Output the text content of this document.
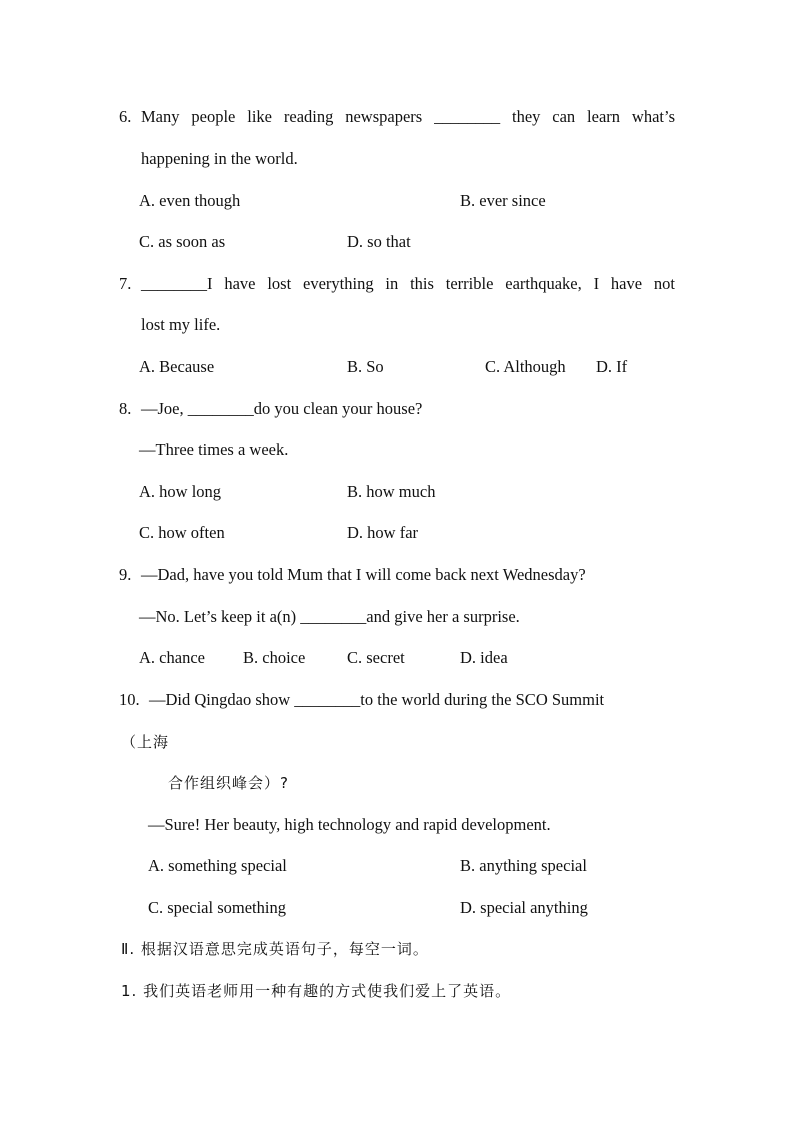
6. Many people like reading newspapers ________ they can learn what’s
happening in the world.
A. even though	B. ever since
C. as soon as	D. so that
7. ________I have lost everything in this terrible earthquake, I have not
lost my life.
A. Because	B. So	C. Although D. If
8. —Joe, ________do you clean your house?
—Three times a week.
A. how long	B. how much
C. how often	D. how far
9. —Dad, have you told Mum that I will come back next Wednesday?
—No. Let’s keep it a(n) ________and give her a surprise.
A. chance B. choice	C. secret	D. idea
10. —Did Qingdao show ________to the world during the SCO Summit
（上海
合作组织峰会）?
—Sure! Her beauty, high technology and rapid development.
A. something special	B. anything special
C. special something	D. special anything
Ⅱ. 根据汉语意思完成英语句子，每空一词。
1. 我们英语老师用一种有趣的方式使我们爱上了英语。
